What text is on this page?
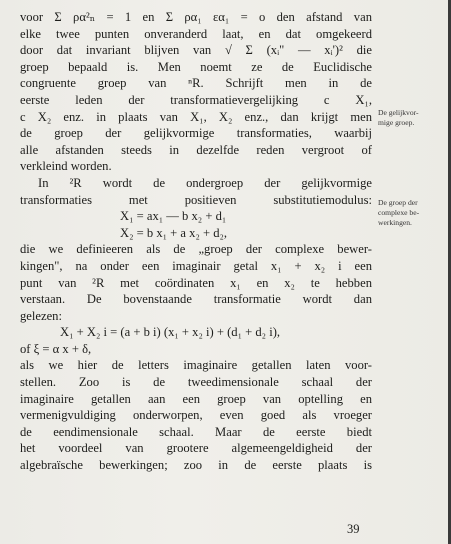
voor Σ ρα²ₙ = 1 en Σ ρα₁ εα₁ = o den afstand van
elke twee punten onveranderd laat, en dat omgekeerd
door dat invariant blijven van √ Σ (xᵢ" — xᵢ')² die
groep bepaald is. Men noemt ze de Euclidische
congruente groep van ⁿR. Schrijft men in de
eerste leden der transformatievergelijking c X₁,
c X₂ enz. in plaats van X₁, X₂ enz., dan krijgt men
de groep der gelijkvormige transformaties, waarbij
alle afstanden steeds in dezelfde reden vergroot of
verkleind worden.
In ²R wordt de ondergroep der gelijkvormige
transformaties met positieven substitutiemodulus:
X₁ = ax₁ — b x₂ + d₁
X₂ = b x₁ + a x₂ + d₂,
die we definieeren als de „groep der complexe bewer-
kingen", na onder een imaginair getal x₁ + x₂ i een
punt van ²R met coördinaten x₁ en x₂ te hebben
verstaan. De bovenstaande transformatie wordt dan
gelezen:
X₁ + X₂ i = (a + b i) (x₁ + x₂ i) + (d₁ + d₂ i),
of ξ = α x + δ,
als we hier de letters imaginaire getallen laten voor-
stellen. Zoo is de tweedimensionale schaal der
imaginaire getallen aan een groep van optelling en
vermenigvuldiging onderworpen, even goed als vroeger
de eendimensionale schaal. Maar de eerste biedt
het voordeel van grootere algemeengeldigheid der
algebraïsche bewerkingen; zoo in de eerste plaats is
De gelijkvor-
mige groep.
De groep der
complexe be-
werkingen.
39
